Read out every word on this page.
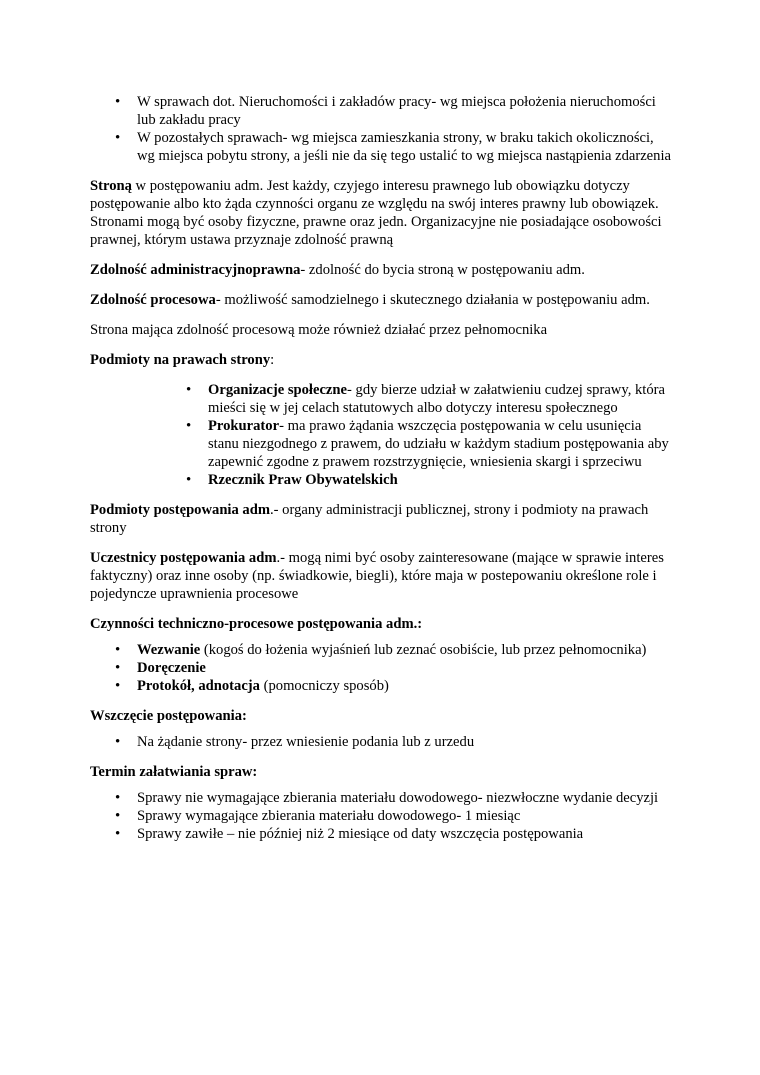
• W sprawach dot. Nieruchomości i zakładów pracy- wg miejsca położenia nieruchomości lub zakładu pracy
• W pozostałych sprawach- wg miejsca zamieszkania strony, w braku takich okoliczności, wg miejsca pobytu strony, a jeśli nie da się tego ustalić to wg miejsca nastąpienia zdarzenia

Stroną w postępowaniu adm. Jest każdy, czyjego interesu prawnego lub obowiązku dotyczy postępowanie albo kto żąda czynności organu ze względu na swój interes prawny lub obowiązek. Stronami mogą być osoby fizyczne, prawne oraz jedn. Organizacyjne nie posiadające osobowości prawnej, którym ustawa przyznaje zdolność prawną

Zdolność administracyjnoprawna- zdolność do bycia stroną w postępowaniu adm.

Zdolność procesowa- możliwość samodzielnego i skutecznego działania w postępowaniu adm.

Strona mająca zdolność procesową może również działać przez pełnomocnika

Podmioty na prawach strony:

• Organizacje społeczne- gdy bierze udział w załatwieniu cudzej sprawy, która mieści się w jej celach statutowych albo dotyczy interesu społecznego
• Prokurator- ma prawo żądania wszczęcia postępowania w celu usunięcia stanu niezgodnego z prawem, do udziału w każdym stadium postępowania aby zapewnić zgodne z prawem rozstrzygnięcie, wniesienia skargi i sprzeciwu
• Rzecznik Praw Obywatelskich

Podmioty postępowania adm.- organy administracji publicznej, strony i podmioty na prawach strony

Uczestnicy postępowania adm.- mogą nimi być osoby zainteresowane (mające w sprawie interes faktyczny) oraz inne osoby (np. świadkowie, biegli), które maja w postepowaniu określone role i pojedyncze uprawnienia procesowe

Czynności techniczno-procesowe postępowania adm.:

• Wezwanie (kogoś do łożenia wyjaśnień lub zeznać osobiście, lub przez pełnomocnika)
• Doręczenie
• Protokół, adnotacja (pomocniczy sposób)

Wszczęcie postępowania:

• Na żądanie strony- przez wniesienie podania lub z urzedu

Termin załatwiania spraw:

• Sprawy nie wymagające zbierania materiału dowodowego- niezwłoczne wydanie decyzji
• Sprawy wymagające zbierania materiału dowodowego- 1 miesiąc
• Sprawy zawiłe – nie później niż 2 miesiące od daty wszczęcia postępowania
